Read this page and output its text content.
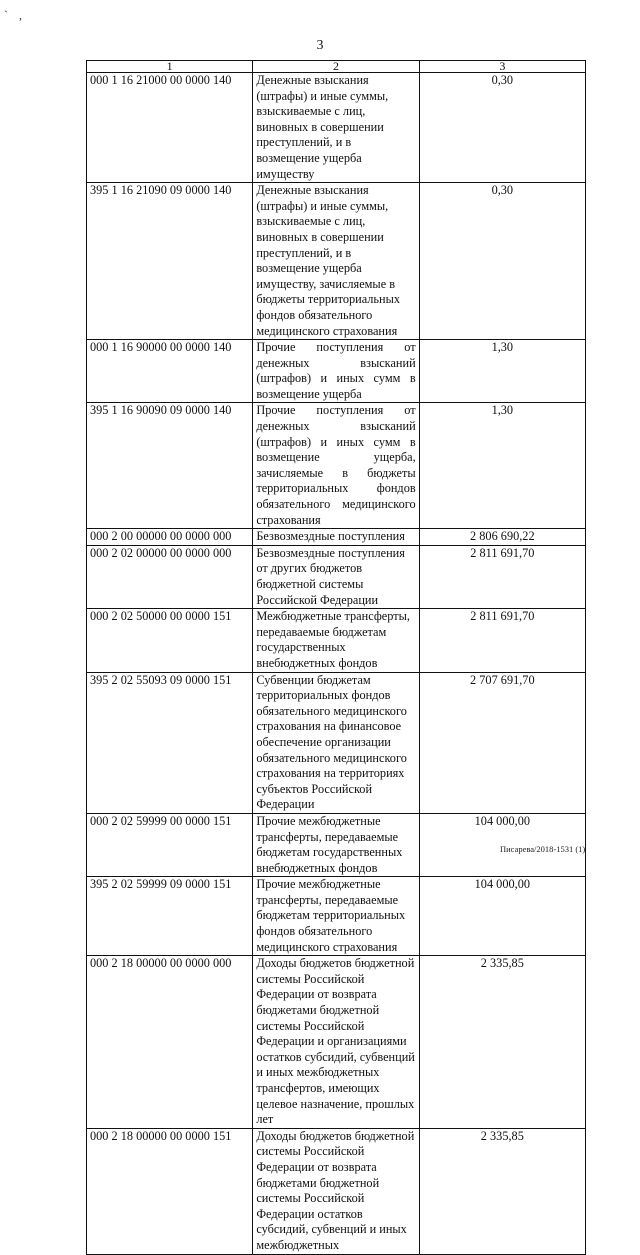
` ,
3
1	2	3
000 1 16 21000 00 0000 140	Денежные взыскания (штрафы) и иные суммы, взыскиваемые с лиц, виновных в совершении преступлений, и в возмещение ущерба имуществу	0,30
395 1 16 21090 09 0000 140	Денежные взыскания (штрафы) и иные суммы, взыскиваемые с лиц, виновных в совершении преступлений, и в возмещение ущерба имуществу, зачисляемые в бюджеты территориальных фондов обязательного медицинского страхования	0,30
000 1 16 90000 00 0000 140	Прочие поступления от денежных взысканий (штрафов) и иных сумм в возмещение ущерба	1,30
395 1 16 90090 09 0000 140	Прочие поступления от денежных взысканий (штрафов) и иных сумм в возмещение ущерба, зачисляемые в бюджеты территориальных фондов обязательного медицинского страхования	1,30
000 2 00 00000 00 0000 000	Безвозмездные поступления	2 806 690,22
000 2 02 00000 00 0000 000	Безвозмездные поступления от других бюджетов бюджетной системы Российской Федерации	2 811 691,70
000 2 02 50000 00 0000 151	Межбюджетные трансферты, передаваемые бюджетам государственных внебюджетных фондов	2 811 691,70
395 2 02 55093 09 0000 151	Субвенции бюджетам территориальных фондов обязательного медицинского страхования на финансовое обеспечение организации обязательного медицинского страхования на территориях субъектов Российской Федерации	2 707 691,70
000 2 02 59999 00 0000 151	Прочие межбюджетные трансферты, передаваемые бюджетам государственных внебюджетных фондов	104 000,00
395 2 02 59999 09 0000 151	Прочие межбюджетные трансферты, передаваемые бюджетам территориальных фондов обязательного медицинского страхования	104 000,00
000 2 18 00000 00 0000 000	Доходы бюджетов бюджетной системы Российской Федерации от возврата бюджетами бюджетной системы Российской Федерации и организациями остатков субсидий, субвенций и иных межбюджетных трансфертов, имеющих целевое назначение, прошлых лет	2 335,85
000 2 18 00000 00 0000 151	Доходы бюджетов бюджетной системы Российской Федерации от возврата бюджетами бюджетной системы Российской Федерации остатков субсидий, субвенций и иных межбюджетных	2 335,85
Писарева/2018-1531 (1)
